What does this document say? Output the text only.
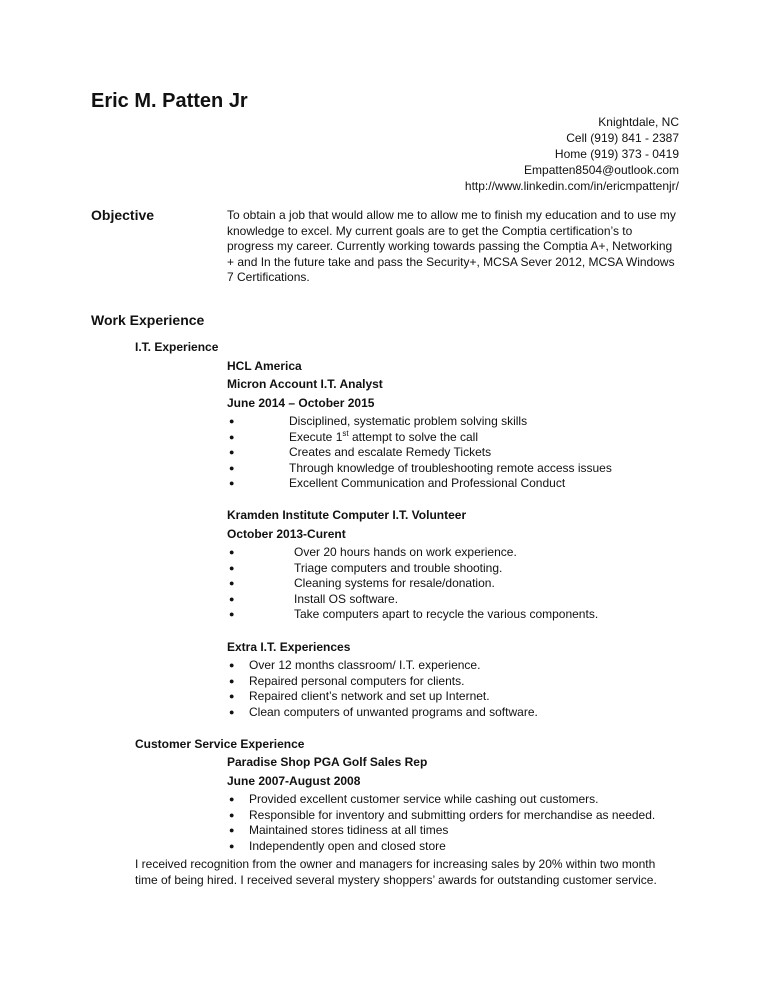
Eric M. Patten Jr
Knightdale, NC
Cell (919) 841 - 2387
Home (919) 373 - 0419
Empatten8504@outlook.com
http://www.linkedin.com/in/ericmpattenjr/
Objective	To obtain a job that would allow me to allow me to finish my education and to use my knowledge to excel. My current goals are to get the Comptia certification’s to progress my career. Currently working towards passing the Comptia A+, Networking + and In the future take and pass the Security+, MCSA Sever 2012, MCSA Windows 7 Certifications.
Work Experience
I.T. Experience
HCL America
Micron Account I.T. Analyst
June 2014 – October 2015
●	Disciplined, systematic problem solving skills
●	Execute 1st attempt to solve the call
●	Creates and escalate Remedy Tickets
●	Through knowledge of troubleshooting remote access issues
●	Excellent Communication and Professional Conduct
Kramden Institute Computer I.T. Volunteer
October 2013-Curent
●	Over 20 hours hands on work experience.
●	Triage computers and trouble shooting.
●	Cleaning systems for resale/donation.
●	Install OS software.
●	Take computers apart to recycle the various components.
Extra I.T. Experiences
● Over 12 months classroom/ I.T. experience.
● Repaired personal computers for clients.
● Repaired client’s network and set up Internet.
● Clean computers of unwanted programs and software.
Customer Service Experience
Paradise Shop PGA Golf Sales Rep
June 2007-August 2008
● Provided excellent customer service while cashing out customers.
● Responsible for inventory and submitting orders for merchandise as needed.
● Maintained stores tidiness at all times
● Independently open and closed store
I received recognition from the owner and managers for increasing sales by 20% within two month time of being hired. I received several mystery shoppers’ awards for outstanding customer service.
